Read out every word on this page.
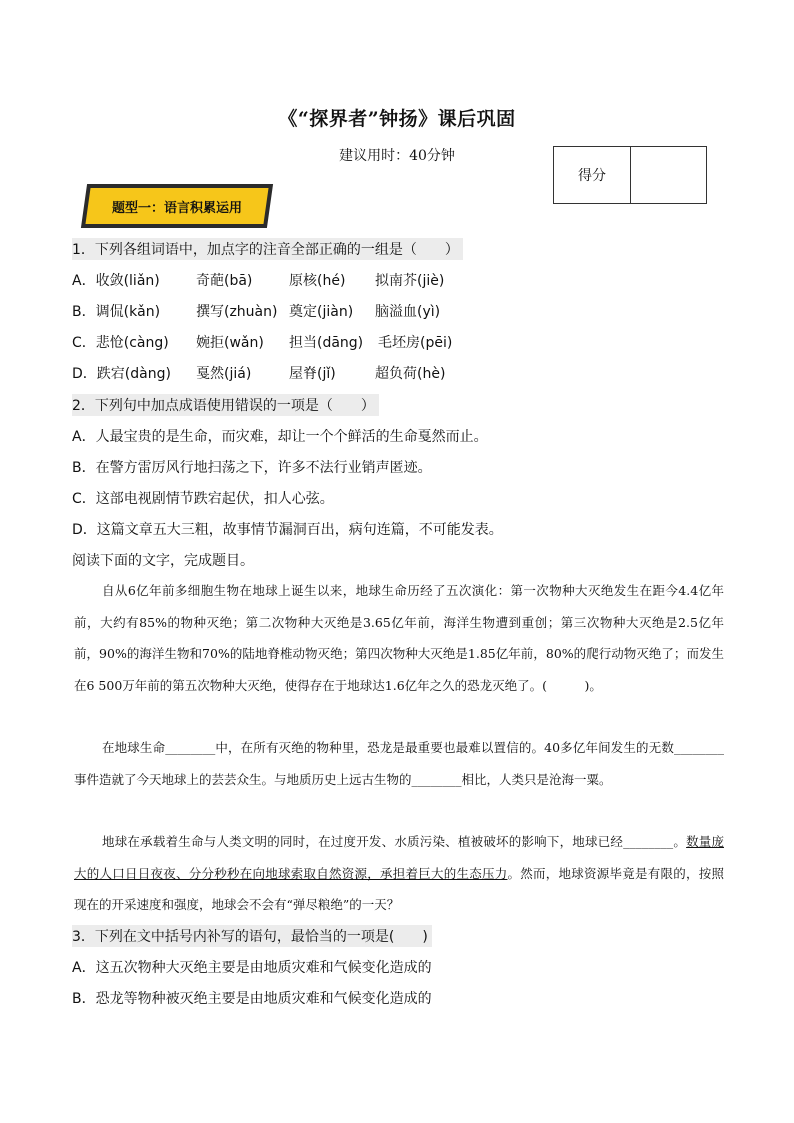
《“探界者”钟扬》课后巩固
建议用时：40分钟
得分
题型一：语言积累运用
1．下列各组词语中，加点字的注音全部正确的一组是（　　）
A．收敛(liǎn)	奇葩(bā)	原核(hé) 拟南芥(jiè)
B．调侃(kǎn)	撰写(zhuàn) 奠定(jiàn) 脑溢血(yì)
C．悲怆(càng) 婉拒(wǎn) 担当(dāng) 毛坯房(pēi)
D．跌宕(dàng) 戛然(jiá)	屋脊(jǐ)	超负荷(hè)
2．下列句中加点成语使用错误的一项是（　　）
A．人最宝贵的是生命，而灾难，却让一个个鲜活的生命戛然而止。
B．在警方雷厉风行地扫荡之下，许多不法行业销声匿迹。
C．这部电视剧情节跌宕起伏，扣人心弦。
D．这篇文章五大三粗，故事情节漏洞百出，病句连篇，不可能发表。
阅读下面的文字，完成题目。
自从6亿年前多细胞生物在地球上诞生以来，地球生命历经了五次演化：第一次物种大灭绝发生在距今4.4亿年前，大约有85%的物种灭绝；第二次物种大灭绝是3.65亿年前，海洋生物遭到重创；第三次物种大灭绝是2.5亿年前，90%的海洋生物和70%的陆地脊椎动物灭绝；第四次物种大灭绝是1.85亿年前，80%的爬行动物灭绝了；而发生在6 500万年前的第五次物种大灭绝，使得存在于地球达1.6亿年之久的恐龙灭绝了。(　　　)。
在地球生命________中，在所有灭绝的物种里，恐龙是最重要也最难以置信的。40多亿年间发生的无数________事件造就了今天地球上的芸芸众生。与地质历史上远古生物的________相比，人类只是沧海一粟。
地球在承载着生命与人类文明的同时，在过度开发、水质污染、植被破坏的影响下，地球已经________。数量庞大的人口日日夜夜、分分秒秒在向地球索取自然资源，承担着巨大的生态压力。然而，地球资源毕竟是有限的，按照现在的开采速度和强度，地球会不会有“弹尽粮绝”的一天？
3．下列在文中括号内补写的语句，最恰当的一项是(　　)
A．这五次物种大灭绝主要是由地质灾难和气候变化造成的
B．恐龙等物种被灭绝主要是由地质灾难和气候变化造成的
